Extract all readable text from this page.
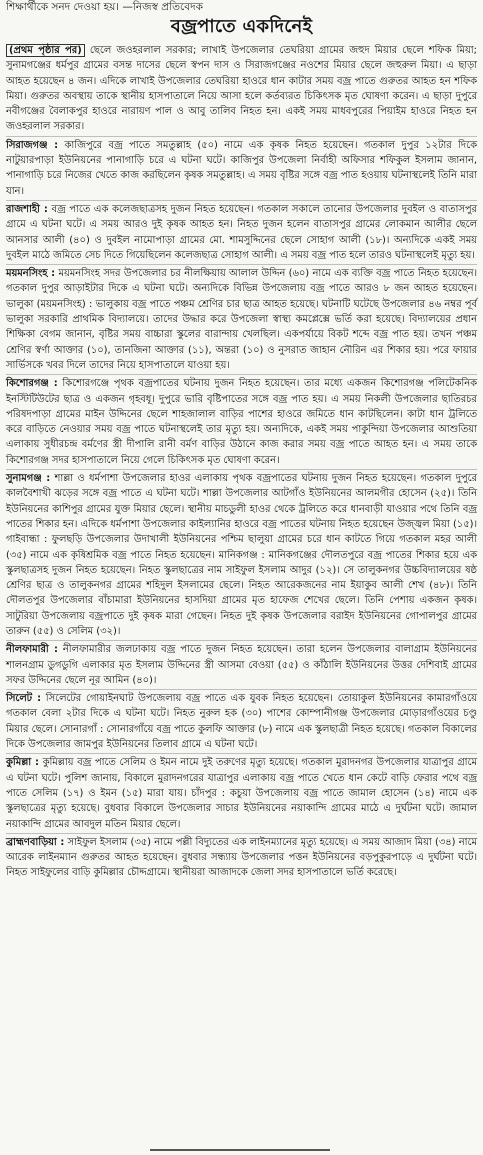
শিক্ষার্থীকে সনদ দেওয়া হয়। —নিজস্ব প্রতিবেদক
বজ্রপাতে একদিনেই

(প্রথম পৃষ্ঠার পর) ছেলে জওহরলাল সরকার; লাখাই উপজেলার তেঘরিয়া গ্রামের জহুদ মিয়ার ছেলে শফিক মিয়া; সুনামগঞ্জের ধর্মপুর গ্রামের বসন্ত দাসের ছেলে স্বপন দাস ও সিরাজগঞ্জের নওশের মিয়ার ছেলে জহুরুল মিয়া। এ ছাড়া আহত হয়েছেন ৪ জন। এদিকে লাখাই উপজেলার তেঘরিয়া হাওরে ধান কাটার সময় বজ্র পাতে গুরুতর আহত হন শফিক মিয়া। গুরুতর অবস্থায় তাকে স্থানীয় হাসপাতালে নিয়ে আসা হলে কর্তব্যরত চিকিৎসক মৃত ঘোষণা করেন। এ ছাড়া দুপুরে নবীগঞ্জের বৈলাকপুর হাওরে নারায়ণ পাল ও আবু তালিব নিহত হন। একই সময় মাধবপুরের পিয়াইম হাওরে নিহত হন জওহরলাল সরকার।

সিরাজগঞ্জ : কাজিপুরে বজ্র পাতে সমতুল্লাহ (৫০) নামে এক কৃষক নিহত হয়েছেন। গতকাল দুপুর ১২টার দিকে নাটুয়ারপাড়া ইউনিয়নের পানাগাড়ি চরে এ ঘটনা ঘটে। কাজিপুর উপজেলা নির্বাহী অফিসার শফিকুল ইসলাম জানান, পানাগাড়ি চরে নিজের খেতে কাজ করছিলেন কৃষক সমতুল্লাহ। এ সময় বৃষ্টির সঙ্গে বজ্র পাত হওয়ায় ঘটনাস্থলেই তিনি মারা যান।

রাজশাহী : বজ্র পাতে এক কলেজছাত্রসহ দুজন নিহত হয়েছেন। গতকাল সকালে তানোর উপজেলার দুবইল ও বাতাসপুর গ্রামে এ ঘটনা ঘটে। এ সময় আরও দুই কৃষক আহত হন। নিহত দুজন হলেন বাতাসপুর গ্রামের লোকমান আলীর ছেলে আনসার আলী (৪০) ও দুবইল নামোপাড়া গ্রামের মো. শামসুদ্দিনের ছেলে সোহাগ আলী (১৮)। অন্যদিকে একই সময় দুবইল মাঠে জমিতে সেচ দিতে গিয়েছিলেন কলেজছাত্র সোহাগ আলী। এ সময় বজ্র পাত হলে তারও ঘটনাস্থলেই মৃত্যু হয়।

ময়মনসিংহ : ময়মনসিংহ সদর উপজেলার চর নীলক্ষিয়ায় আলাল উদ্দিন (৬০) নামে এক ব্যক্তি বজ্র পাতে নিহত হয়েছেন। গতকাল দুপুর আড়াইটার দিকে এ ঘটনা ঘটে। অন্যদিকে বিভিন্ন উপজেলায় বজ্র পাতে আরও ৮ জন আহত হয়েছেন। ভালুকা (ময়মনসিংহ) : ভালুকায় বজ্র পাতে পঞ্চম শ্রেণির চার ছাত্র আহত হয়েছে। ঘটনাটি ঘটেছে উপজেলার ৪৬ নম্বর পূর্ব ভালুকা সরকারি প্রাথমিক বিদ্যালয়ে। তাদের উদ্ধার করে উপজেলা স্বাস্থ্য কমপ্লেক্সে ভর্তি করা হয়েছে। বিদ্যালয়ের প্রধান শিক্ষিকা বেগম জানান, বৃষ্টির সময় বাচ্চারা স্কুলের বারান্দায় খেলছিল। একপর্যায়ে বিকট শব্দে বজ্র পাত হয়। তখন পঞ্চম শ্রেণির স্বর্ণা আক্তার (১০), তানজিনা আক্তার (১১), অন্তরা (১০) ও নুসরাত জাহান নৌরিন এর শিকার হয়। পরে ফায়ার সার্ভিসকে খবর দিলে তাদের নিয়ে হাসপাতালে যাওয়া হয়।

কিশোরগঞ্জ : কিশোরগঞ্জে পৃথক বজ্রপাতের ঘটনায় দুজন নিহত হয়েছেন। তার মধ্যে একজন কিশোরগঞ্জ পলিটেকনিক ইনস্টিটিউটের ছাত্র ও একজন গৃহবধূ। দুপুরে ভারি বৃষ্টিপাতের সঙ্গে বজ্র পাত হয়। এ সময় নিকলী উপজেলার ছাতিরচর পরিষদপাড়া গ্রামের মাইন উদ্দিনের ছেলে শাহজালাল বাড়ির পাশের হাওরে জমিতে ধান কাটছিলেন। কাটা ধান ট্রলিতে করে বাড়িতে নেওয়ার সময় বজ্র পাতে ঘটনাস্থলেই তার মৃত্যু হয়। অন্যদিকে, একই সময় পাকুন্দিয়া উপজেলার আশুতিয়া এলাকায় সুধীরচন্দ্র বর্মণের স্ত্রী দীপালি রানী বর্মণ বাড়ির উঠানে কাজ করার সময় বজ্র পাতে আহত হন। এ সময় তাকে কিশোরগঞ্জ সদর হাসপাতালে নিয়ে গেলে চিকিৎসক মৃত ঘোষণা করেন।

সুনামগঞ্জ : শাল্লা ও ধর্মপাশা উপজেলার হাওর এলাকায় পৃথক বজ্রপাতের ঘটনায় দুজন নিহত হয়েছেন। গতকাল দুপুরে কালবৈশাখী ঝড়ের সঙ্গে বজ্র পাতে এ ঘটনা ঘটে। শাল্লা উপজেলার আটগাঁও ইউনিয়নের আলমগীর হোসেন (২৫)। তিনি ইউনিয়নের কাশিপুর গ্রামের যুক্ত মিয়ার ছেলে। স্থানীয় মাচডুলী হাওর থেকে ট্রলিতে করে ধানবাড়ী যাওয়ার পথে তিনি বজ্র পাতের শিকার হন। এদিকে ধর্মপাশা উপজেলার কাইল্যানির হাওরে বজ্র পাতের ঘটনায় নিহত হয়েছেন উজ্জ্বল মিয়া (১৫)। গাইবান্ধা : ফুলছড়ি উপজেলার উদাখালী ইউনিয়নের পশ্চিম ছালুয়া গ্রামের চরে ধান কাটতে গিয়ে গতকাল মহর আলী (৩৫) নামে এক কৃষিশ্রমিক বজ্র পাতে নিহত হয়েছেন। মানিকগঞ্জ : মানিকগঞ্জের দৌলতপুরে বজ্র পাতের শিকার হয়ে এক স্কুলছাত্রসহ দুজন নিহত হয়েছেন। নিহত স্কুলছাত্রের নাম সাইফুল ইসলাম আদুর (১২)। সে তালুকনগর উচ্চবিদ্যালয়ের ষষ্ঠ শ্রেণির ছাত্র ও তালুকনগর গ্রামের শহিদুল ইসলামের ছেলে। নিহত আরেকজনের নাম ইয়াকুব আলী শেখ (৪৮)। তিনি দৌলতপুর উপজেলার বাঁচামারা ইউনিয়নের হাসদিয়া গ্রামের মৃত হাফেজ শেখের ছেলে। তিনি পেশায় একজন কৃষক। সাটুরিয়া উপজেলায় বজ্রপাতে দুই কৃষক মারা গেছেন। নিহত দুই কৃষক উপজেলার বরাইদ ইউনিয়নের গোপালপুর গ্রামের তারুন (৫৫) ও সেলিম (৩২)।

নীলফামারী : নীলফামারীর জলঢাকায় বজ্র পাতে দুজন নিহত হয়েছেন। তারা হলেন উপজেলার বালাগ্রাম ইউনিয়নের শালনগ্রাম ডুগডুগি এলাকার মৃত ইসলাম উদ্দিনের স্ত্রী আসমা বেওয়া (৫৫) ও কাঁঠালি ইউনিয়নের উত্তর দেশিবাই গ্রামের সফর উদ্দিনের ছেলে নূর আমিন (৪০)।

সিলেট : সিলেটের গোয়াইনঘাট উপজেলায় বজ্র পাতে এক যুবক নিহত হয়েছেন। তোয়াকুল ইউনিয়নের কামারগাঁওয়ে গতকাল বেলা ২টার দিকে এ ঘটনা ঘটে। নিহত নুরুল হক (৩০) পাশের কোম্পানীগঞ্জ উপজেলার মোড়ারগাঁওয়ের চণ্ডু মিয়ার ছেলে। সোনারগাঁ : সোনারগাঁয়ে বজ্র পাতে কুলফি আক্তার (৮) নামে এক স্কুলছাত্রী নিহত হয়েছে। গতকাল বিকালের দিকে উপজেলার জামপুর ইউনিয়নের তিলাব গ্রামে এ ঘটনা ঘটে।

কুমিল্লা : কুমিল্লায় বজ্র পাতে সেলিম ও ইমন নামে দুই তরুণের মৃত্যু হয়েছে। গতকাল মুরাদনগর উপজেলার যাত্রাপুর গ্রামে এ ঘটনা ঘটে। পুলিশ জানায়, বিকালে মুরাদনগরের যাত্রাপুর এলাকায় বজ্র পাতে খেতে ধান কেটে বাড়ি ফেরার পথে বজ্র পাতে সেলিম (১৭) ও ইমন (১৫) মারা যায়। চাঁদপুর : কচুয়া উপজেলায় বজ্র পাতে জামাল হোসেন (১৪) নামে এক স্কুলছাত্রের মৃত্যু হয়েছে। বুধবার বিকালে উপজেলার সাচার ইউনিয়নের নয়াকান্দি গ্রামের মাঠে এ দুর্ঘটনা ঘটে। জামাল নয়াকান্দি গ্রামের আবদুল মতিন মিয়ার ছেলে।

ব্রাহ্মণবাড়িয়া : সাইফুল ইসলাম (৩৫) নামে পল্লী বিদ্যুতের এক লাইনম্যানের মৃত্যু হয়েছে। এ সময় আজাদ মিয়া (৩৪) নামে আরেক লাইনম্যান গুরুতর আহত হয়েছেন। বুধবার সন্ধ্যায় উপজেলার পত্তন ইউনিয়নের বড়পুকুরপাড়ে এ দুর্ঘটনা ঘটে। নিহত সাইফুলের বাড়ি কুমিল্লার চৌদ্দগ্রামে। স্থানীয়রা আজাদকে জেলা সদর হাসপাতালে ভর্তি করেছে।
